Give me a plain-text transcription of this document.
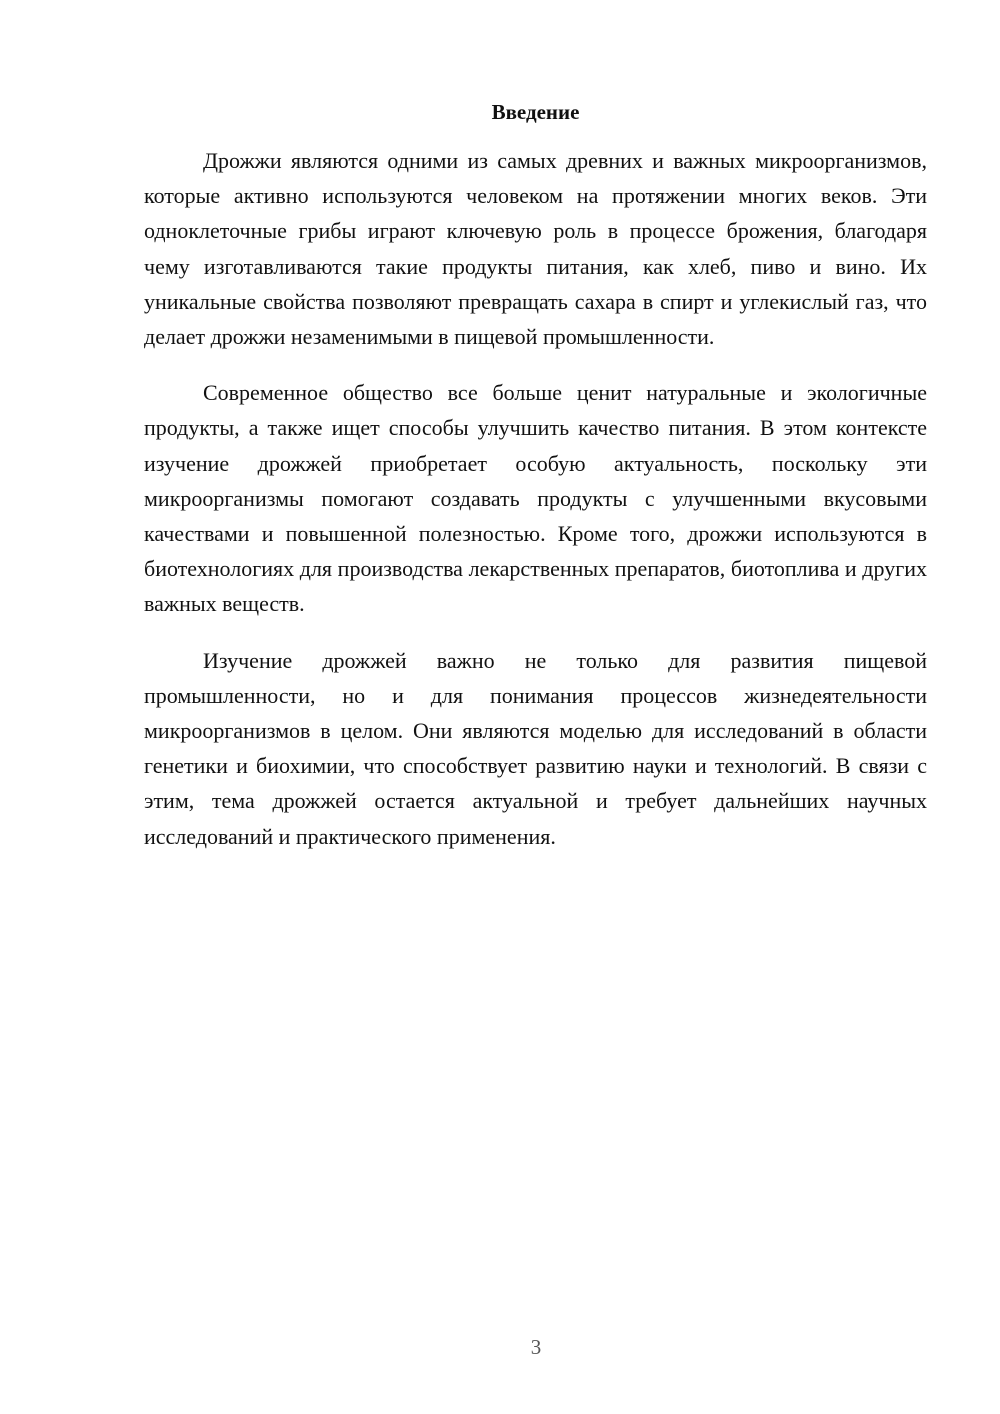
Введение

Дрожжи являются одними из самых древних и важных микроорганизмов, которые активно используются человеком на протяжении многих веков. Эти одноклеточные грибы играют ключевую роль в процессе брожения, благодаря чему изготавливаются такие продукты питания, как хлеб, пиво и вино. Их уникальные свойства позволяют превращать сахара в спирт и углекислый газ, что делает дрожжи незаменимыми в пищевой промышленности.

Современное общество все больше ценит натуральные и экологичные продукты, а также ищет способы улучшить качество питания. В этом контексте изучение дрожжей приобретает особую актуальность, поскольку эти микроорганизмы помогают создавать продукты с улучшенными вкусовыми качествами и повышенной полезностью. Кроме того, дрожжи используются в биотехнологиях для производства лекарственных препаратов, биотоплива и других важных веществ.

Изучение дрожжей важно не только для развития пищевой промышленности, но и для понимания процессов жизнедеятельности микроорганизмов в целом. Они являются моделью для исследований в области генетики и биохимии, что способствует развитию науки и технологий. В связи с этим, тема дрожжей остается актуальной и требует дальнейших научных исследований и практического применения.

3
